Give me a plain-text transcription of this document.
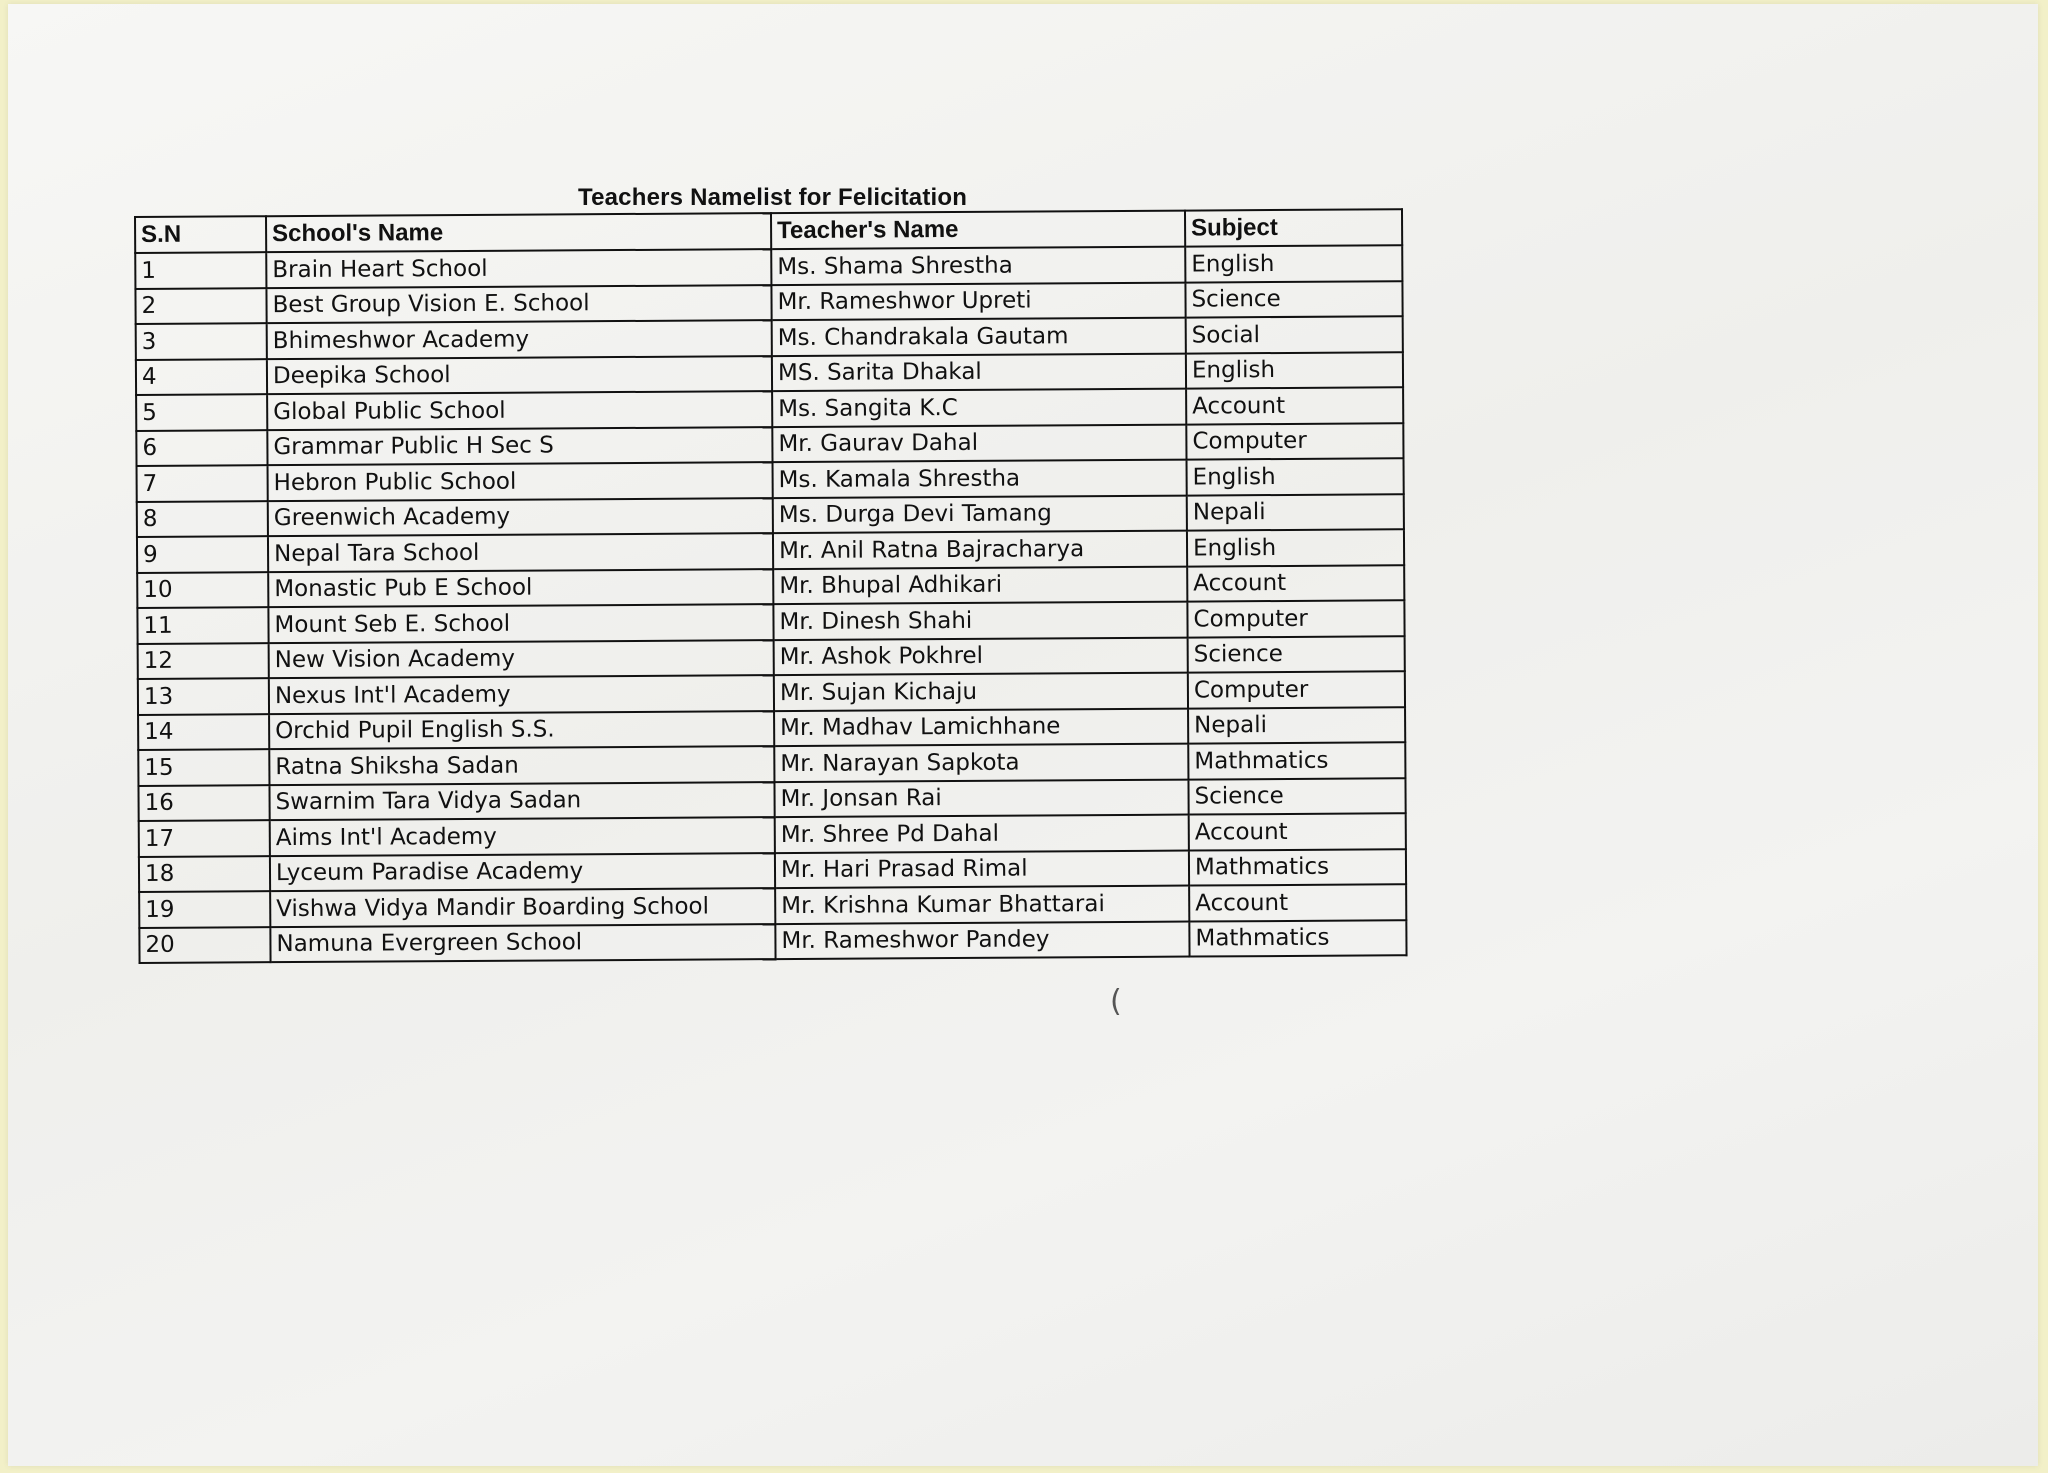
Teachers Namelist for Felicitation
S.N	School's Name	Teacher's Name	Subject
1	Brain Heart School	Ms. Shama Shrestha	English
2	Best Group Vision E. School	Mr. Rameshwor Upreti	Science
3	Bhimeshwor Academy	Ms. Chandrakala Gautam	Social
4	Deepika School	MS. Sarita Dhakal	English
5	Global Public School	Ms. Sangita K.C	Account
6	Grammar Public H Sec S	Mr. Gaurav Dahal	Computer
7	Hebron Public School	Ms. Kamala Shrestha	English
8	Greenwich Academy	Ms. Durga Devi Tamang	Nepali
9	Nepal Tara School	Mr. Anil Ratna Bajracharya	English
10	Monastic Pub E School	Mr. Bhupal Adhikari	Account
11	Mount Seb E. School	Mr. Dinesh Shahi	Computer
12	New Vision Academy	Mr. Ashok Pokhrel	Science
13	Nexus Int'l Academy	Mr. Sujan Kichaju	Computer
14	Orchid Pupil English S.S.	Mr. Madhav Lamichhane	Nepali
15	Ratna Shiksha Sadan	Mr. Narayan Sapkota	Mathmatics
16	Swarnim Tara Vidya Sadan	Mr. Jonsan Rai	Science
17	Aims Int'l Academy	Mr. Shree Pd Dahal	Account
18	Lyceum Paradise Academy	Mr. Hari Prasad Rimal	Mathmatics
19	Vishwa Vidya Mandir Boarding School	Mr. Krishna Kumar Bhattarai	Account
20	Namuna Evergreen School	Mr. Rameshwor Pandey	Mathmatics
(
